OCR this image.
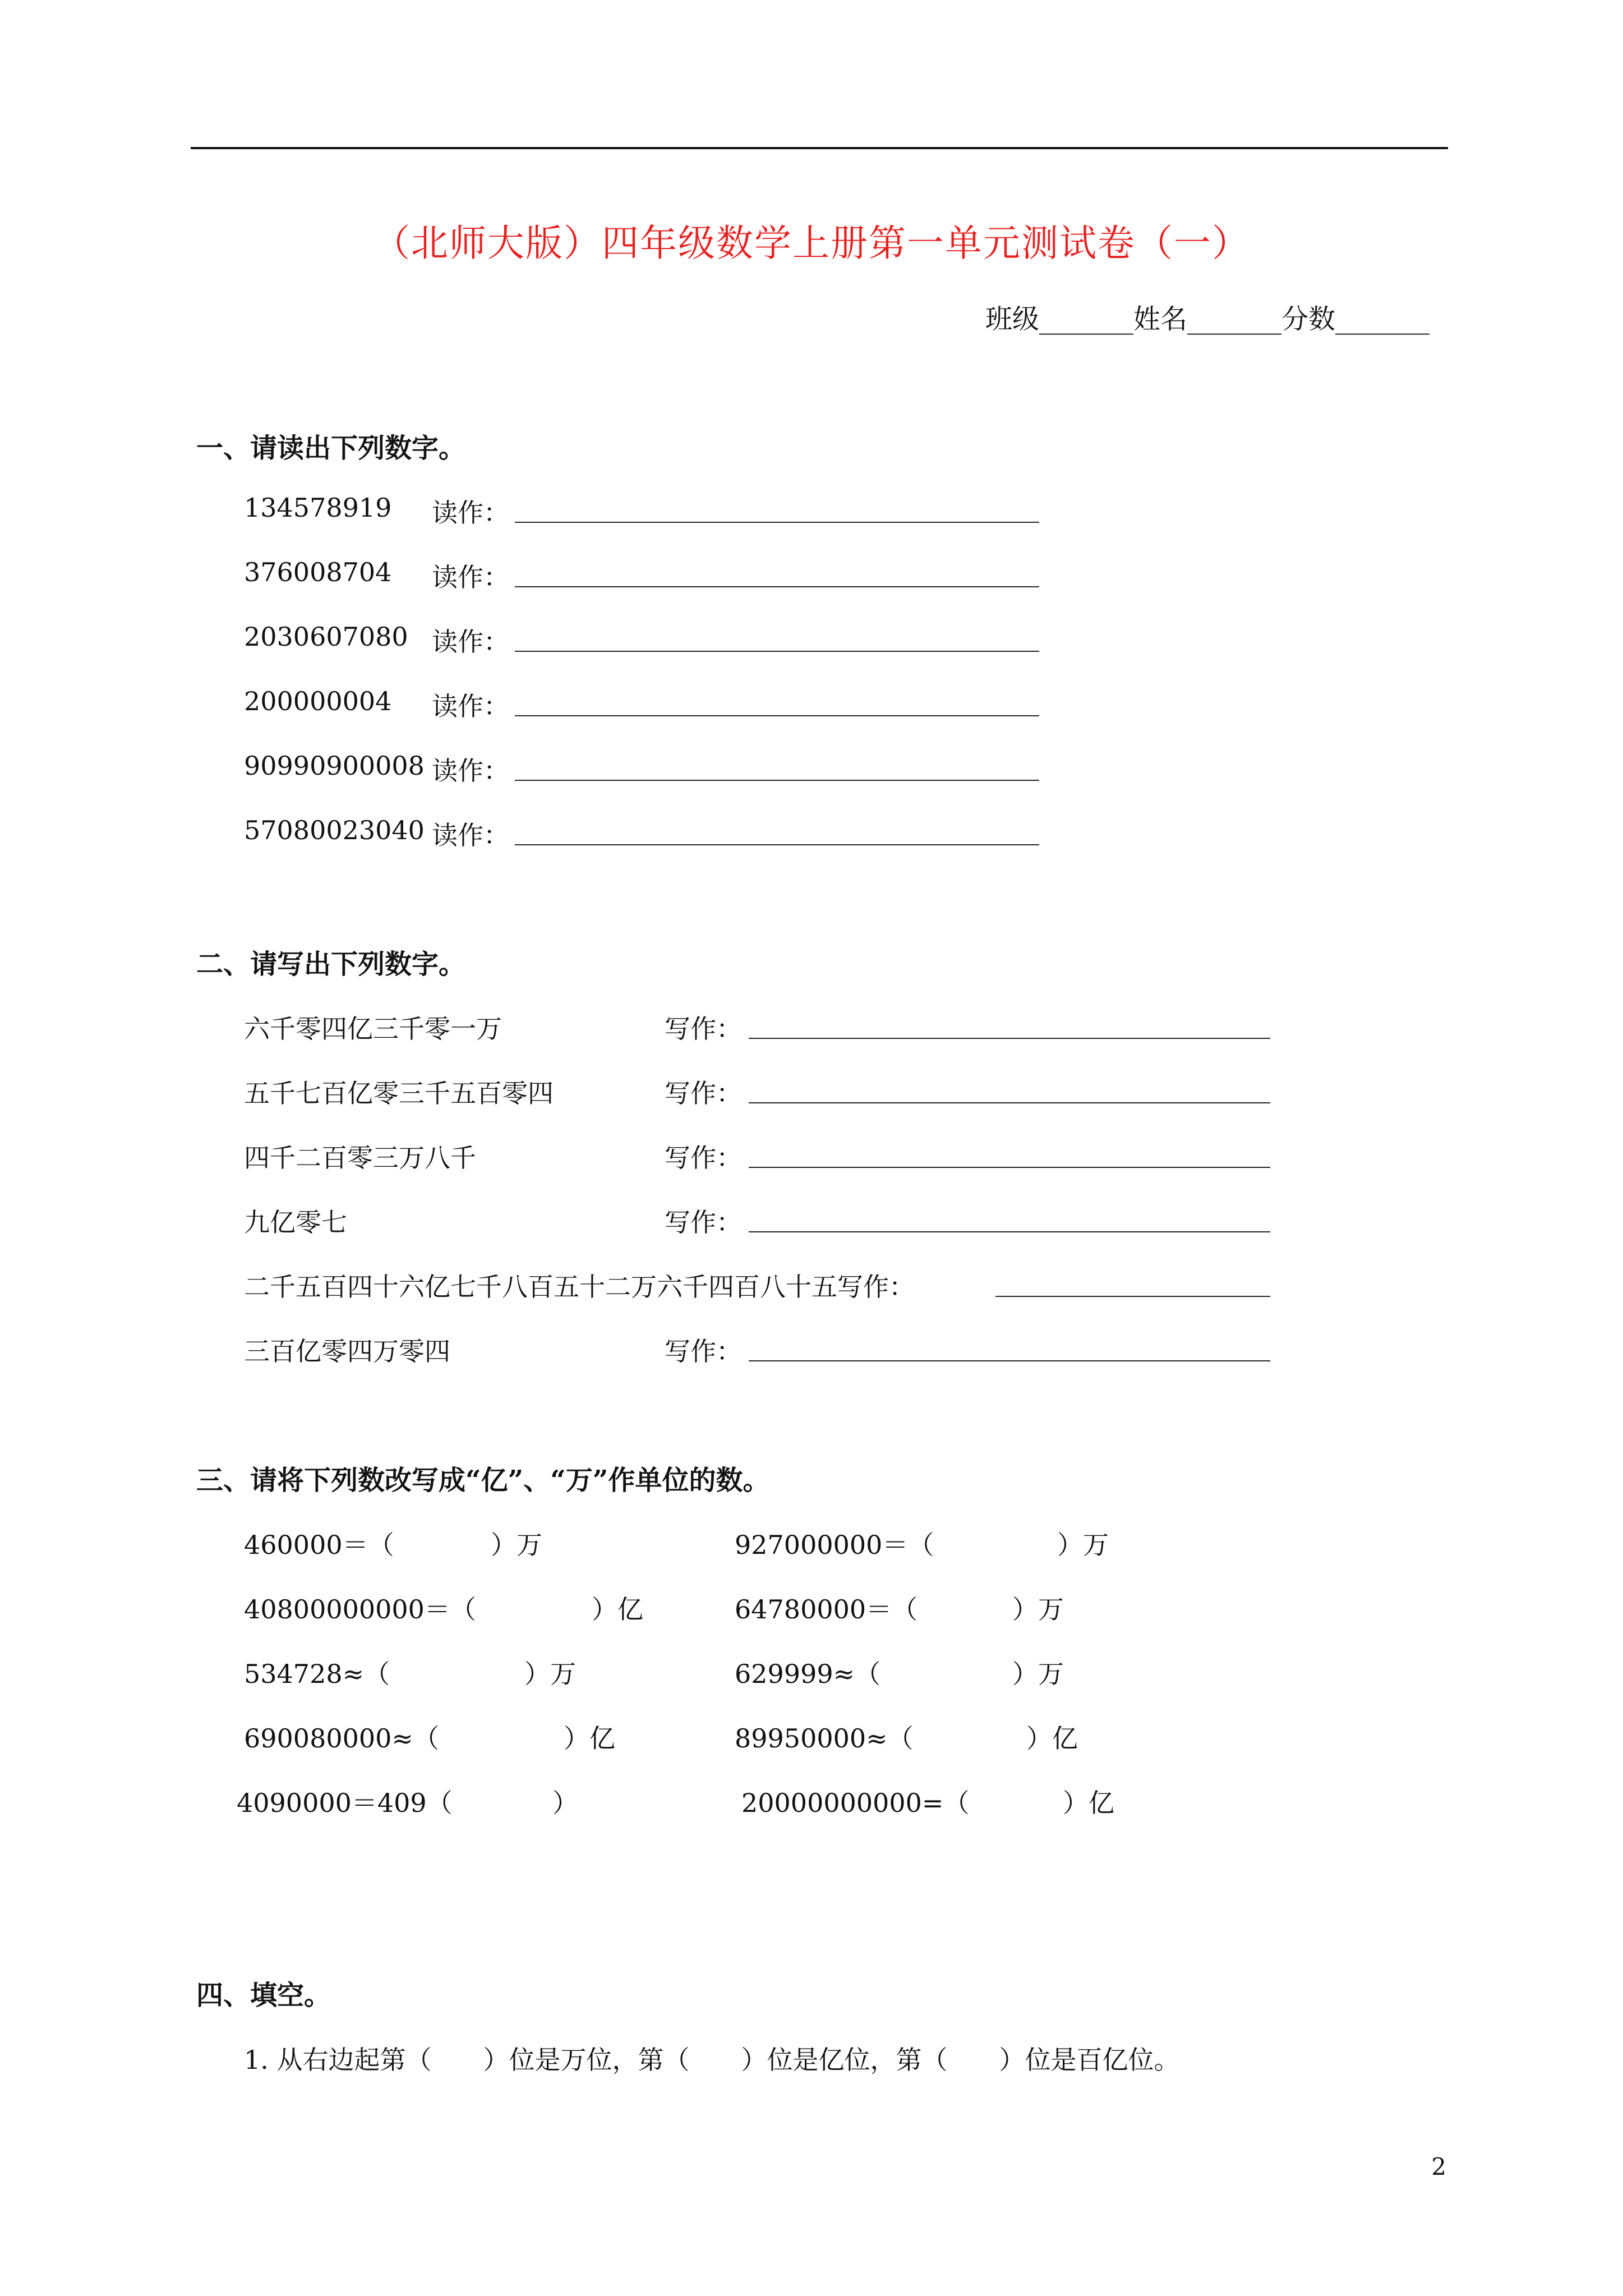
（北师大版）四年级数学上册第一单元测试卷（一）
班级_______姓名_______分数_______
一、请读出下列数字。
134578919 读作：
376008704 读作：
2030607080 读作：
200000004 读作：
90990900008 读作：
57080023040 读作：
二、请写出下列数字。
六千零四亿三千零一万	写作：
五千七百亿零三千五百零四	写作：
四千二百零三万八千	写作：
九亿零七	写作：
二千五百四十六亿七千八百五十二万六千四百八十五写作：
三百亿零四万零四	写作：
三、请将下列数改写成“亿”、“万”作单位的数。
460000＝（	）万	927000000＝（	）万
40800000000＝（	）亿	64780000＝（	）万
534728≈（	）万	629999≈（	）万
690080000≈（	）亿	89950000≈（	）亿
4090000＝409（	）	20000000000=（	）亿
四、填空。
1. 从右边起第（　　）位是万位，第（　　）位是亿位，第（　　）位是百亿位。
2
